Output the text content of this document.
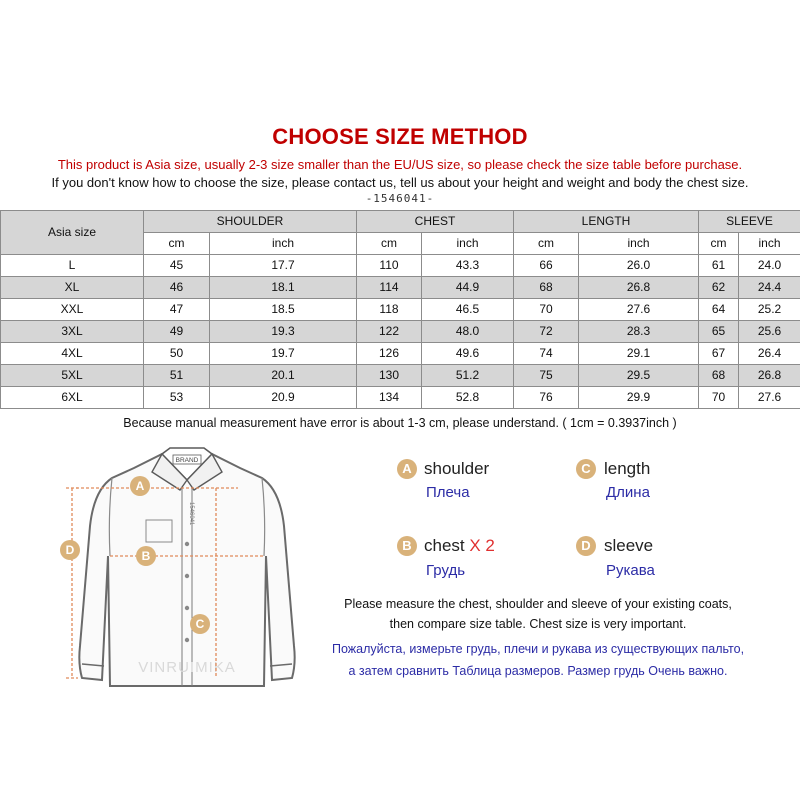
CHOOSE SIZE METHOD
This product is Asia size, usually 2-3 size smaller than the EU/US size, so please check the size table before purchase.
If you don't know how to choose the size, please contact us, tell us about your height and weight and body the chest size.
-1546041-
Asia size	SHOULDER		CHEST		LENGTH		SLEEVE	
	cm	inch	cm	inch	cm	inch	cm	inch
L	45	17.7	110	43.3	66	26.0	61	24.0
XL	46	18.1	114	44.9	68	26.8	62	24.4
XXL	47	18.5	118	46.5	70	27.6	64	25.2
3XL	49	19.3	122	48.0	72	28.3	65	25.6
4XL	50	19.7	126	49.6	74	29.1	67	26.4
5XL	51	20.1	130	51.2	75	29.5	68	26.8
6XL	53	20.9	134	52.8	76	29.9	70	27.6
Because manual measurement have error is about 1-3 cm, please understand. ( 1cm = 0.3937inch )
BRAND
1546041
VINRUIMIKA
A
B
C
D
A shoulder
Плеча
C length
Длина
B chest X 2
Грудь
D sleeve
Рукава
Please measure the chest, shoulder and sleeve of your existing coats,
then compare size table. Chest size is very important.
Пожалуйста, измерьте грудь, плечи и рукава из существующих пальто,
а затем сравнить Таблица размеров. Размер грудь Очень важно.
